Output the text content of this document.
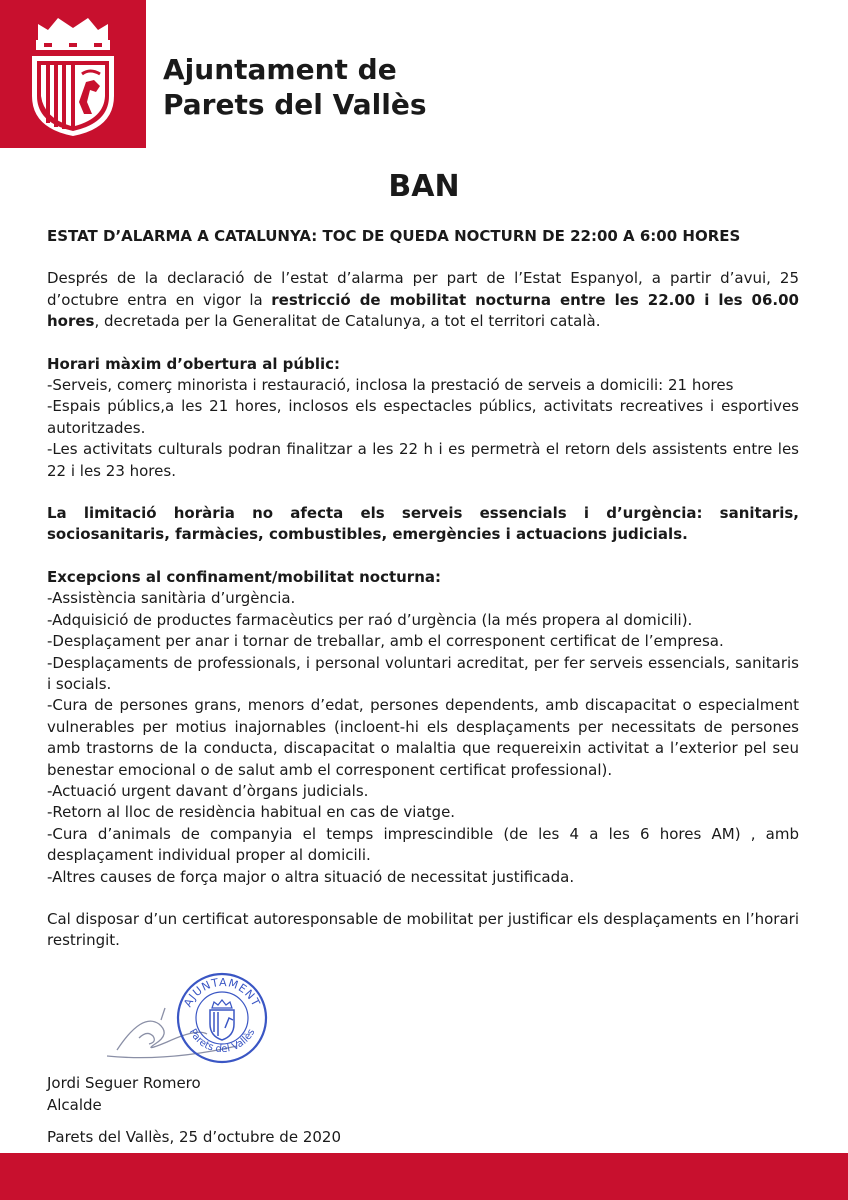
Ajuntament de
Parets del Vallès
BAN

ESTAT D’ALARMA A CATALUNYA: TOC DE QUEDA NOCTURN DE 22:00 A 6:00 HORES

Després de la declaració de l’estat d’alarma per part de l’Estat Espanyol, a partir d’avui, 25 d’octubre entra en vigor la restricció de mobilitat nocturna entre les 22.00 i les 06.00 hores, decretada per la Generalitat de Catalunya, a tot el territori català.

Horari màxim d’obertura al públic:

-Serveis, comerç minorista i restauració, inclosa la prestació de serveis a domicili: 21 hores

-Espais públics,a les 21 hores, inclosos els espectacles públics, activitats recreatives i esportives autoritzades.

-Les activitats culturals podran finalitzar a les 22 h i es permetrà el retorn dels assistents entre les 22 i les 23 hores.

La limitació horària no afecta els serveis essencials i d’urgència: sanitaris, sociosanitaris, farmàcies, combustibles, emergències i actuacions judicials.

Excepcions al confinament/mobilitat nocturna:

-Assistència sanitària d’urgència.

-Adquisició de productes farmacèutics per raó d’urgència (la més propera al domicili).

-Desplaçament per anar i tornar de treballar, amb el corresponent certificat de l’empresa.

-Desplaçaments de professionals, i personal voluntari acreditat, per fer serveis essencials, sanitaris i socials.

-Cura de persones grans, menors d’edat, persones dependents, amb discapacitat o especialment vulnerables per motius inajornables (incloent-hi els desplaçaments per necessitats de persones amb trastorns de la conducta, discapacitat o malaltia que requereixin activitat a l’exterior pel seu benestar emocional o de salut amb el corresponent certificat professional).

-Actuació urgent davant d’òrgans judicials.

-Retorn al lloc de residència habitual en cas de viatge.

-Cura d’animals de companyia el temps imprescindible (de les 4 a les 6 hores AM) , amb desplaçament individual proper al domicili.

-Altres causes de força major o altra situació de necessitat justificada.

Cal disposar d’un certificat autoresponsable de mobilitat per justificar els desplaçaments en l’horari restringit.

AJUNTAMENT
Parets del Vallès
Jordi Seguer Romero
Alcalde
Parets del Vallès, 25 d’octubre de 2020
